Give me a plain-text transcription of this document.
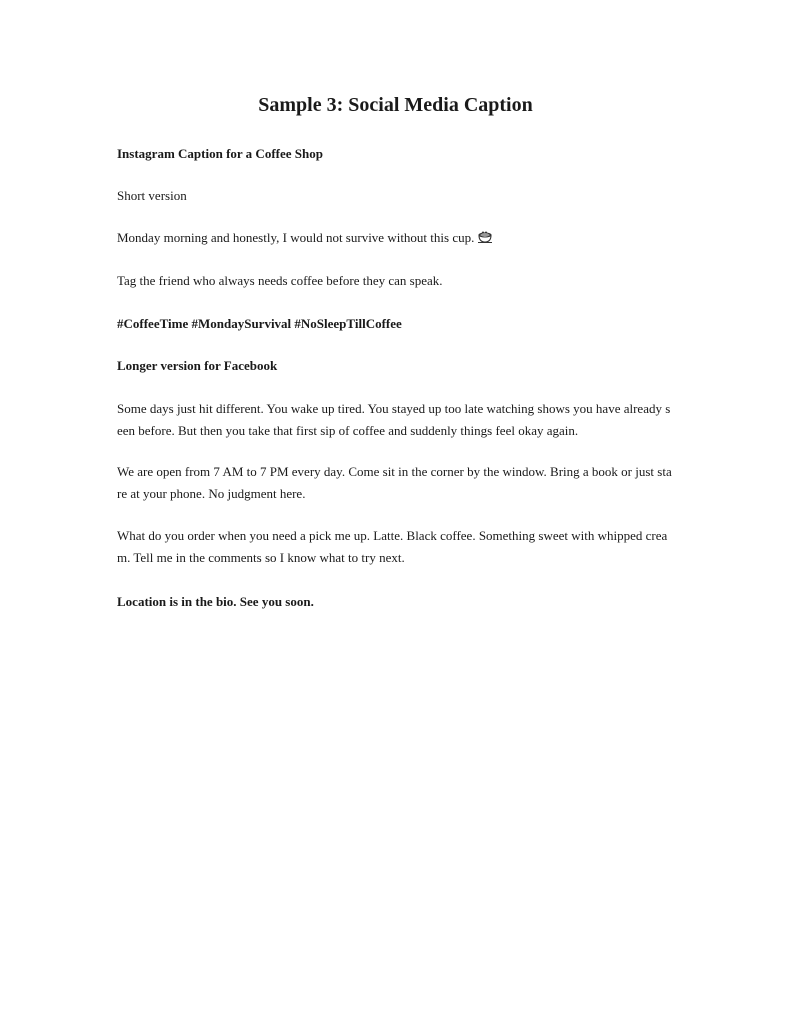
Sample 3: Social Media Caption

Instagram Caption for a Coffee Shop

Short version

Monday morning and honestly, I would not survive without this cup.

Tag the friend who always needs coffee before they can speak.

#CoffeeTime #MondaySurvival #NoSleepTillCoffee

Longer version for Facebook

Some days just hit different. You wake up tired. You stayed up too late watching shows you have already s
een before. But then you take that first sip of coffee and suddenly things feel okay again.
We are open from 7 AM to 7 PM every day. Come sit in the corner by the window. Bring a book or just sta
re at your phone. No judgment here.
What do you order when you need a pick me up. Latte. Black coffee. Something sweet with whipped crea
m. Tell me in the comments so I know what to try next.

Location is in the bio. See you soon.
